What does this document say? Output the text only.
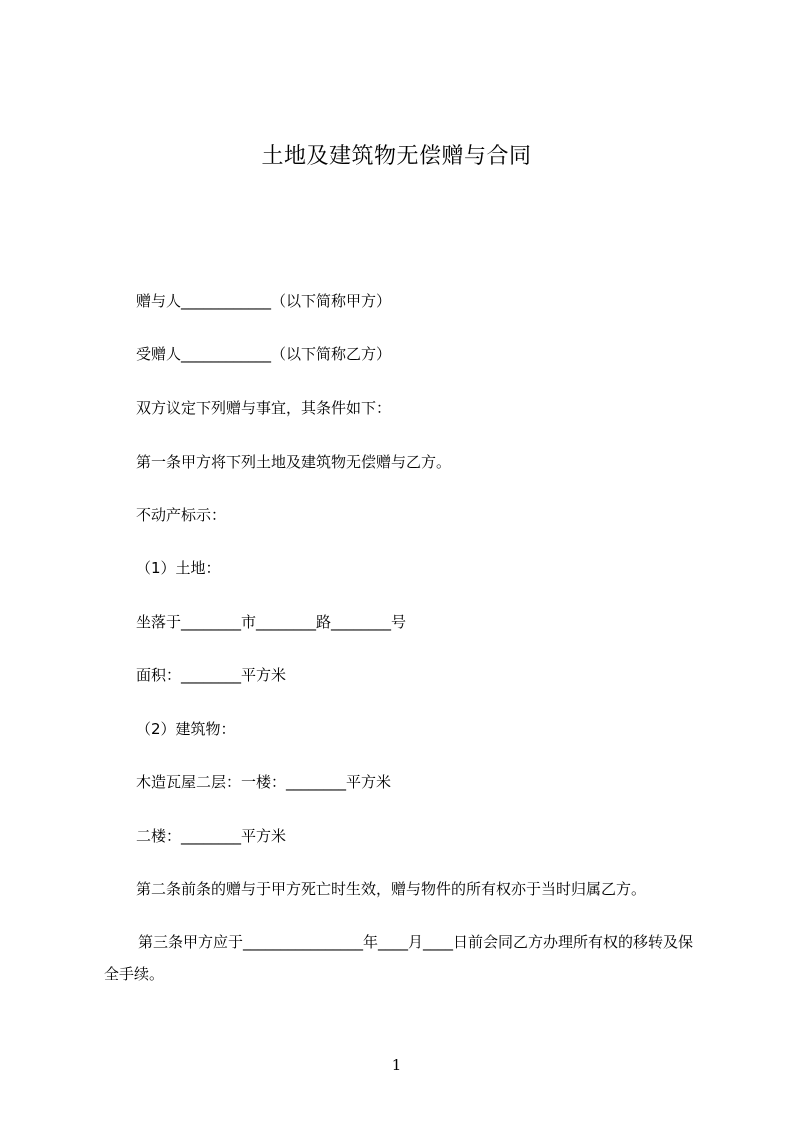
土地及建筑物无偿赠与合同
赠与人____________（以下简称甲方）
受赠人____________（以下简称乙方）
双方议定下列赠与事宜，其条件如下：
第一条甲方将下列土地及建筑物无偿赠与乙方。
不动产标示：
（1）土地：
坐落于________市________路________号
面积：________平方米
（2）建筑物：
木造瓦屋二层：一楼：________平方米
二楼：________平方米
第二条前条的赠与于甲方死亡时生效，赠与物件的所有权亦于当时归属乙方。
第三条甲方应于________________年____月____日前会同乙方办理所有权的移转及保全手续。
1
